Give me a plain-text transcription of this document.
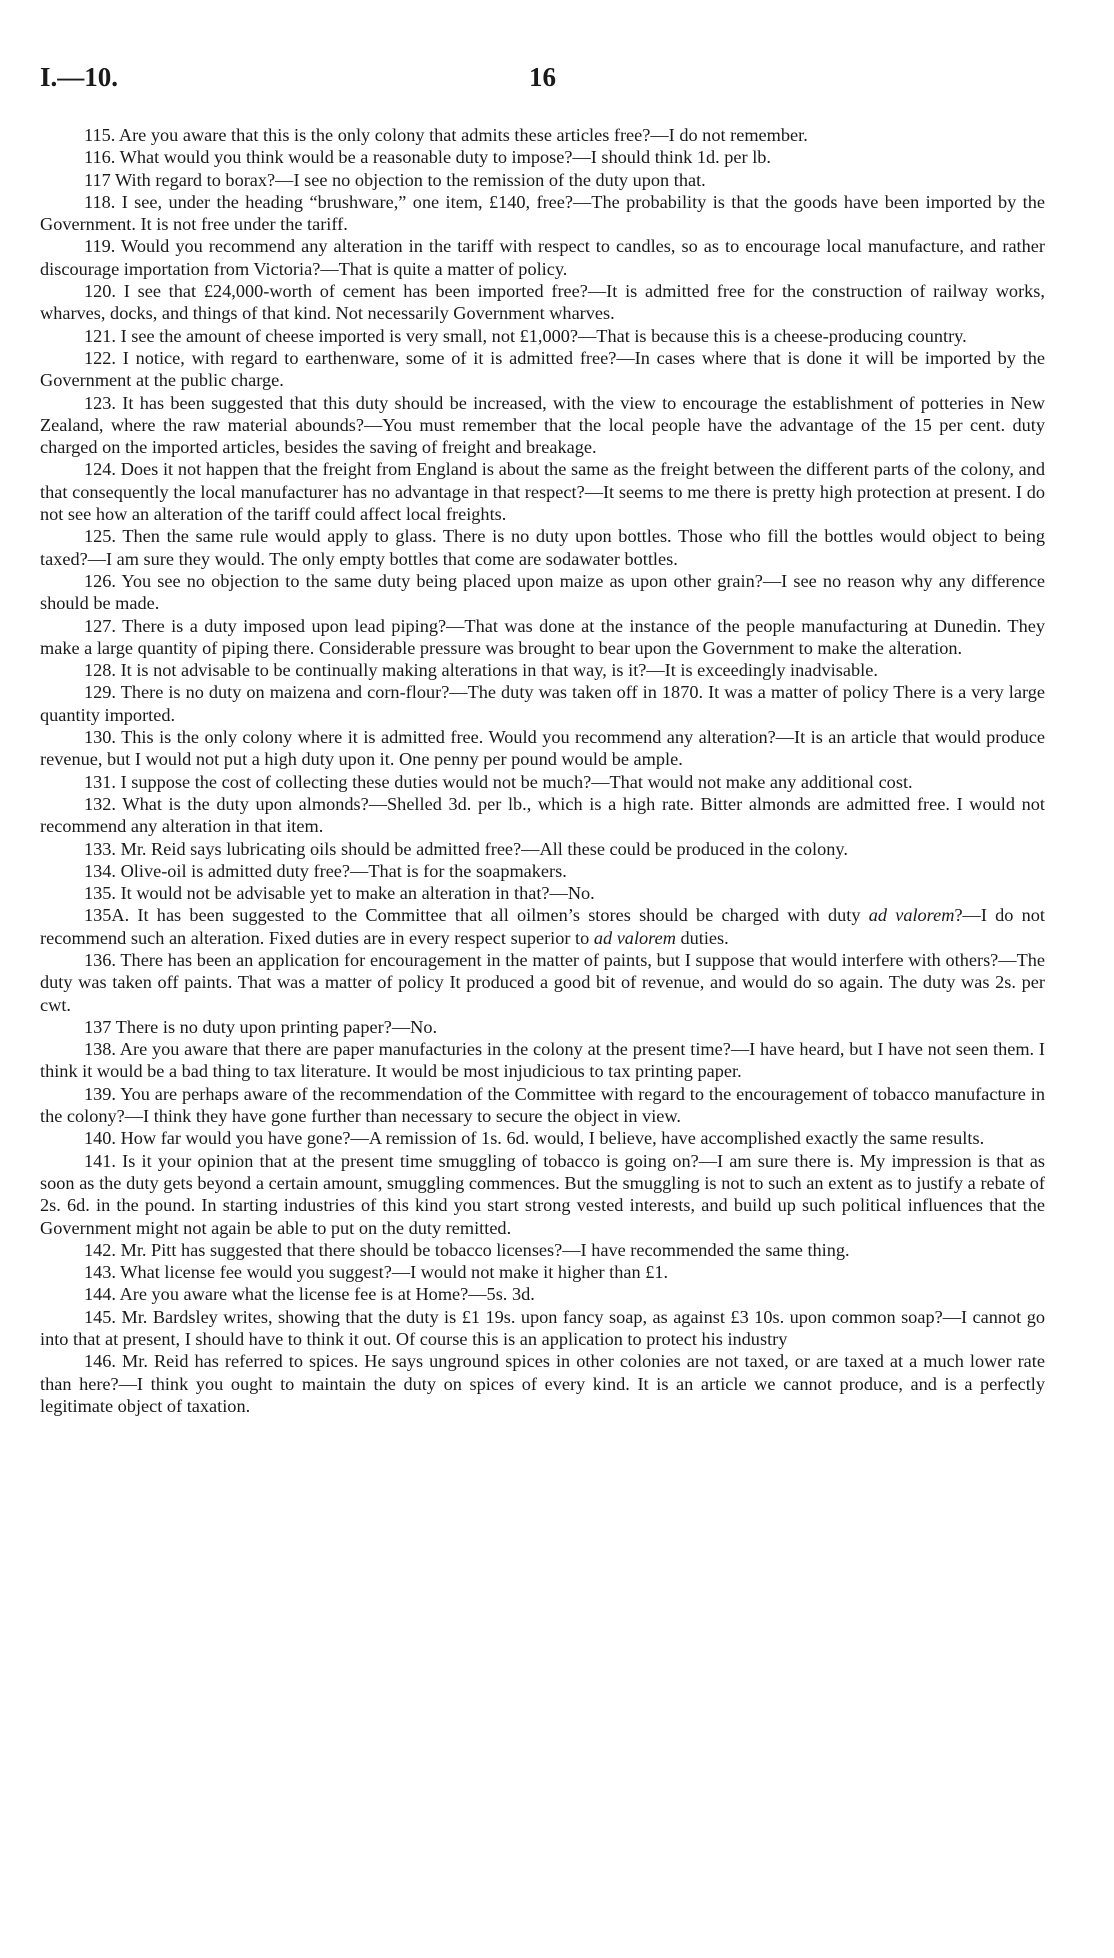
I.—10.	16

115. Are you aware that this is the only colony that admits these articles free?—I do not remember.

116. What would you think would be a reasonable duty to impose?—I should think 1d. per lb.

117 With regard to borax?—I see no objection to the remission of the duty upon that.

118. I see, under the heading “brushware,” one item, £140, free?—The probability is that the goods have been imported by the Government. It is not free under the tariff.

119. Would you recommend any alteration in the tariff with respect to candles, so as to encourage local manufacture, and rather discourage importation from Victoria?—That is quite a matter of policy.

120. I see that £24,000-worth of cement has been imported free?—It is admitted free for the construction of railway works, wharves, docks, and things of that kind. Not necessarily Government wharves.

121. I see the amount of cheese imported is very small, not £1,000?—That is because this is a cheese-producing country.

122. I notice, with regard to earthenware, some of it is admitted free?—In cases where that is done it will be imported by the Government at the public charge.

123. It has been suggested that this duty should be increased, with the view to encourage the establishment of potteries in New Zealand, where the raw material abounds?—You must remember that the local people have the advantage of the 15 per cent. duty charged on the imported articles, besides the saving of freight and breakage.

124. Does it not happen that the freight from England is about the same as the freight between the different parts of the colony, and that consequently the local manufacturer has no advantage in that respect?—It seems to me there is pretty high protection at present. I do not see how an alteration of the tariff could affect local freights.

125. Then the same rule would apply to glass. There is no duty upon bottles. Those who fill the bottles would object to being taxed?—I am sure they would. The only empty bottles that come are sodawater bottles.

126. You see no objection to the same duty being placed upon maize as upon other grain?—I see no reason why any difference should be made.

127. There is a duty imposed upon lead piping?—That was done at the instance of the people manufacturing at Dunedin. They make a large quantity of piping there. Considerable pressure was brought to bear upon the Government to make the alteration.

128. It is not advisable to be continually making alterations in that way, is it?—It is exceedingly inadvisable.

129. There is no duty on maizena and corn-flour?—The duty was taken off in 1870. It was a matter of policy There is a very large quantity imported.

130. This is the only colony where it is admitted free. Would you recommend any alteration?—It is an article that would produce revenue, but I would not put a high duty upon it. One penny per pound would be ample.

131. I suppose the cost of collecting these duties would not be much?—That would not make any additional cost.

132. What is the duty upon almonds?—Shelled 3d. per lb., which is a high rate. Bitter almonds are admitted free. I would not recommend any alteration in that item.

133. Mr. Reid says lubricating oils should be admitted free?—All these could be produced in the colony.

134. Olive-oil is admitted duty free?—That is for the soapmakers.

135. It would not be advisable yet to make an alteration in that?—No.

135A. It has been suggested to the Committee that all oilmen’s stores should be charged with duty ad valorem?—I do not recommend such an alteration. Fixed duties are in every respect superior to ad valorem duties.

136. There has been an application for encouragement in the matter of paints, but I suppose that would interfere with others?—The duty was taken off paints. That was a matter of policy It produced a good bit of revenue, and would do so again. The duty was 2s. per cwt.

137 There is no duty upon printing paper?—No.

138. Are you aware that there are paper manufacturies in the colony at the present time?—I have heard, but I have not seen them. I think it would be a bad thing to tax literature. It would be most injudicious to tax printing paper.

139. You are perhaps aware of the recommendation of the Committee with regard to the encouragement of tobacco manufacture in the colony?—I think they have gone further than necessary to secure the object in view.

140. How far would you have gone?—A remission of 1s. 6d. would, I believe, have accomplished exactly the same results.

141. Is it your opinion that at the present time smuggling of tobacco is going on?—I am sure there is. My impression is that as soon as the duty gets beyond a certain amount, smuggling commences. But the smuggling is not to such an extent as to justify a rebate of 2s. 6d. in the pound. In starting industries of this kind you start strong vested interests, and build up such political influences that the Government might not again be able to put on the duty remitted.

142. Mr. Pitt has suggested that there should be tobacco licenses?—I have recommended the same thing.

143. What license fee would you suggest?—I would not make it higher than £1.

144. Are you aware what the license fee is at Home?—5s. 3d.

145. Mr. Bardsley writes, showing that the duty is £1 19s. upon fancy soap, as against £3 10s. upon common soap?—I cannot go into that at present, I should have to think it out. Of course this is an application to protect his industry

146. Mr. Reid has referred to spices. He says unground spices in other colonies are not taxed, or are taxed at a much lower rate than here?—I think you ought to maintain the duty on spices of every kind. It is an article we cannot produce, and is a perfectly legitimate object of taxation.
